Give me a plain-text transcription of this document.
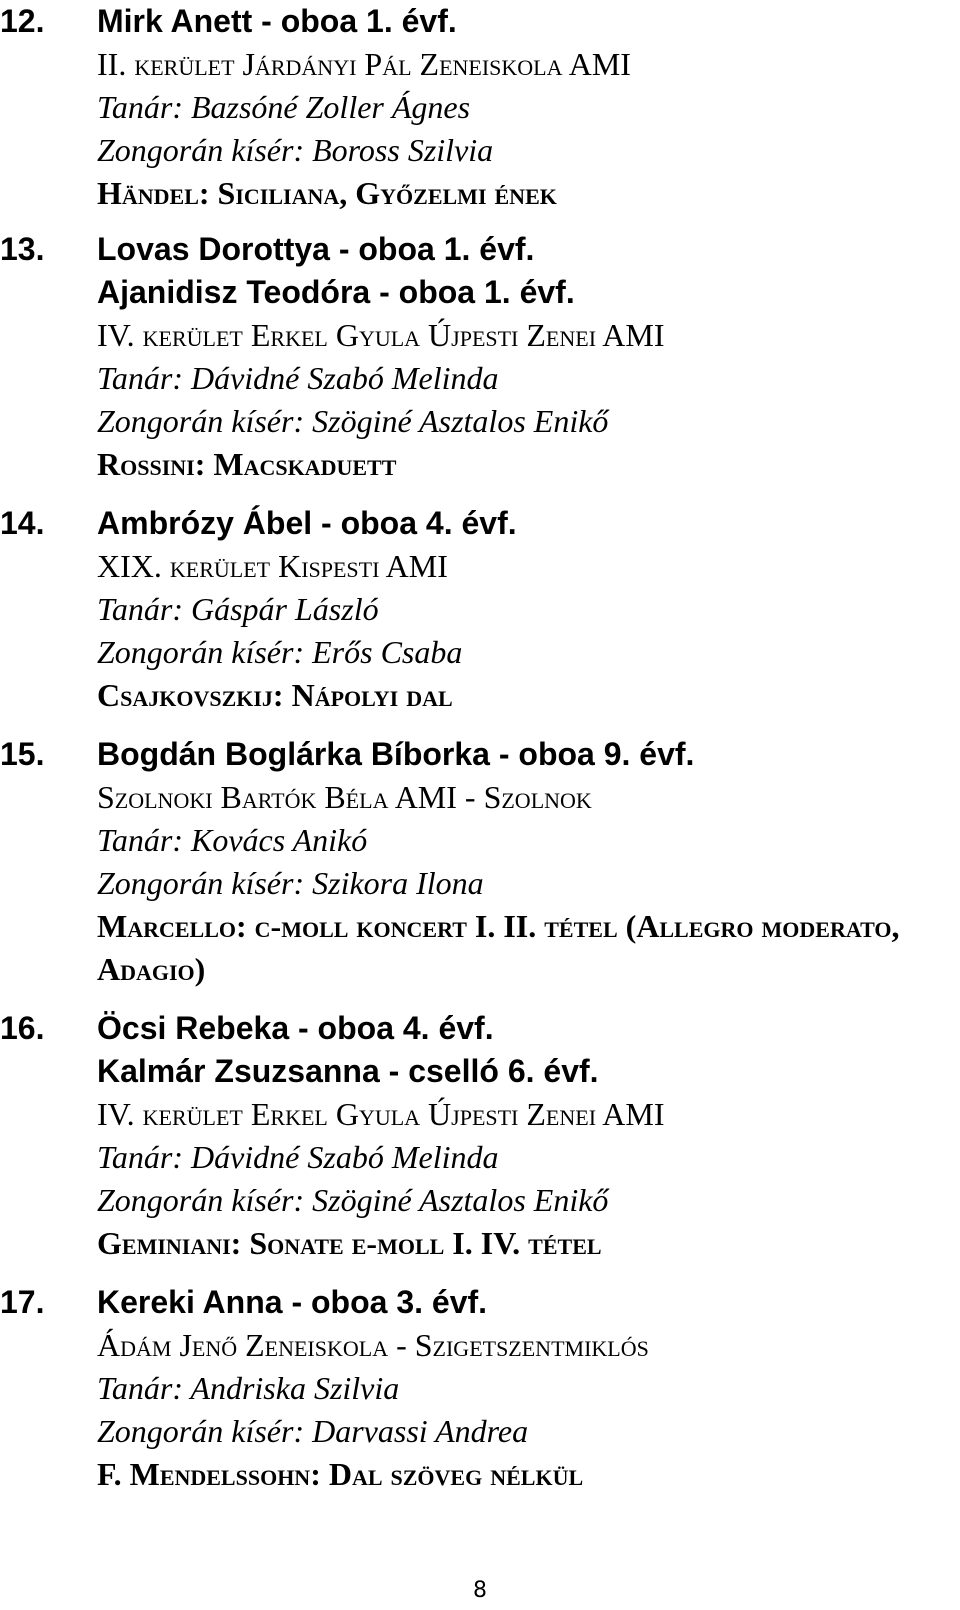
12.	Mirk Anett - oboa 1. évf.
II. kerület Járdányi Pál Zeneiskola AMI
Tanár: Bazsóné Zoller Ágnes
Zongorán kísér: Boross Szilvia
Händel: Siciliana, Győzelmi ének
13.	Lovas Dorottya - oboa 1. évf.
Ajanidisz Teodóra - oboa 1. évf.
IV. kerület Erkel Gyula Újpesti Zenei AMI
Tanár: Dávidné Szabó Melinda
Zongorán kísér: Szöginé Asztalos Enikő
Rossini: Macskaduett
14.	Ambrózy Ábel - oboa 4. évf.
XIX. kerület Kispesti AMI
Tanár: Gáspár László
Zongorán kísér: Erős Csaba
Csajkovszkij: Nápolyi dal
15.	Bogdán Boglárka Bíborka - oboa 9. évf.
Szolnoki Bartók Béla AMI - Szolnok
Tanár: Kovács Anikó
Zongorán kísér: Szikora Ilona
Marcello: c-moll koncert I. II. tétel (Allegro moderato, Adagio)
16.	Öcsi Rebeka - oboa 4. évf.
Kalmár Zsuzsanna - cselló 6. évf.
IV. kerület Erkel Gyula Újpesti Zenei AMI
Tanár: Dávidné Szabó Melinda
Zongorán kísér: Szöginé Asztalos Enikő
Geminiani: Sonate e-moll I. IV. tétel
17.	Kereki Anna - oboa 3. évf.
Ádám Jenő Zeneiskola - Szigetszentmiklós
Tanár: Andriska Szilvia
Zongorán kísér: Darvassi Andrea
F. Mendelssohn: Dal szöveg nélkül
8
